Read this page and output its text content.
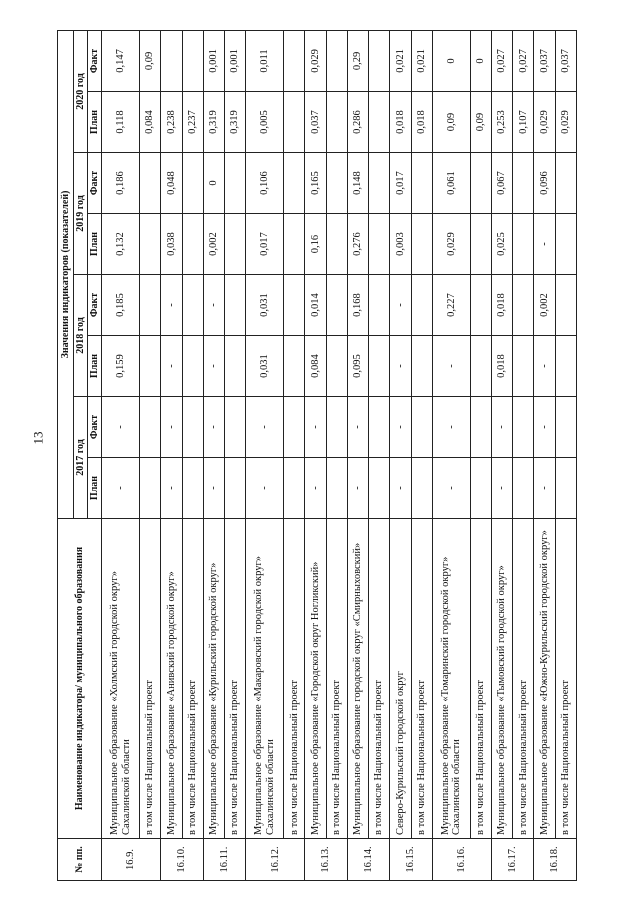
13
№ пп.	Наименование индикатора/ муниципального образования	Значения индикаторов (показателей)							
		2017 год		2018 год		2019 год		2020 год	
		План	Факт	План	Факт	План	Факт	План	Факт
16.9.	Муниципальное образование «Холмский городской округ» Сахалинской области	-	-	0,159	0,185	0,132	0,186	0,118	0,147
	в том числе Национальный проект							0,084	0,09
16.10.	Муниципальное образование «Анивский городской округ»	-	-	-	-	0,038	0,048	0,238	
	в том числе Национальный проект							0,237	
16.11.	Муниципальное образование «Курильский городской округ»	-	-	-	-	0,002	0	0,319	0,001
	в том числе Национальный проект							0,319	0,001
16.12.	Муниципальное образование «Макаровский городской округ» Сахалинской области	-	-	0,031	0,031	0,017	0,106	0,005	0,011
	в том числе Национальный проект								
16.13.	Муниципальное образование «Городской округ Ногликский»	-	-	0,084	0,014	0,16	0,165	0,037	0,029
	в том числе Национальный проект								
16.14.	Муниципальное образование городской округ «Смирныховский»	-	-	0,095	0,168	0,276	0,148	0,286	0,29
	в том числе Национальный проект								
16.15.	Северо-Курильский городской округ	-	-	-	-	0,003	0,017	0,018	0,021
	в том числе Национальный проект							0,018	0,021
16.16.	Муниципальное образование «Томаринский городской округ» Сахалинской области	-	-	-	0,227	0,029	0,061	0,09	0
	в том числе Национальный проект							0,09	0
16.17.	Муниципальное образование «Тымовский городской округ»	-	-	0,018	0,018	0,025	0,067	0,253	0,027
	в том числе Национальный проект							0,107	0,027
16.18.	Муниципальное образование «Южно-Курильский городской округ»	-	-	-	0,002	-	0,096	0,029	0,037
	в том числе Национальный проект							0,029	0,037
